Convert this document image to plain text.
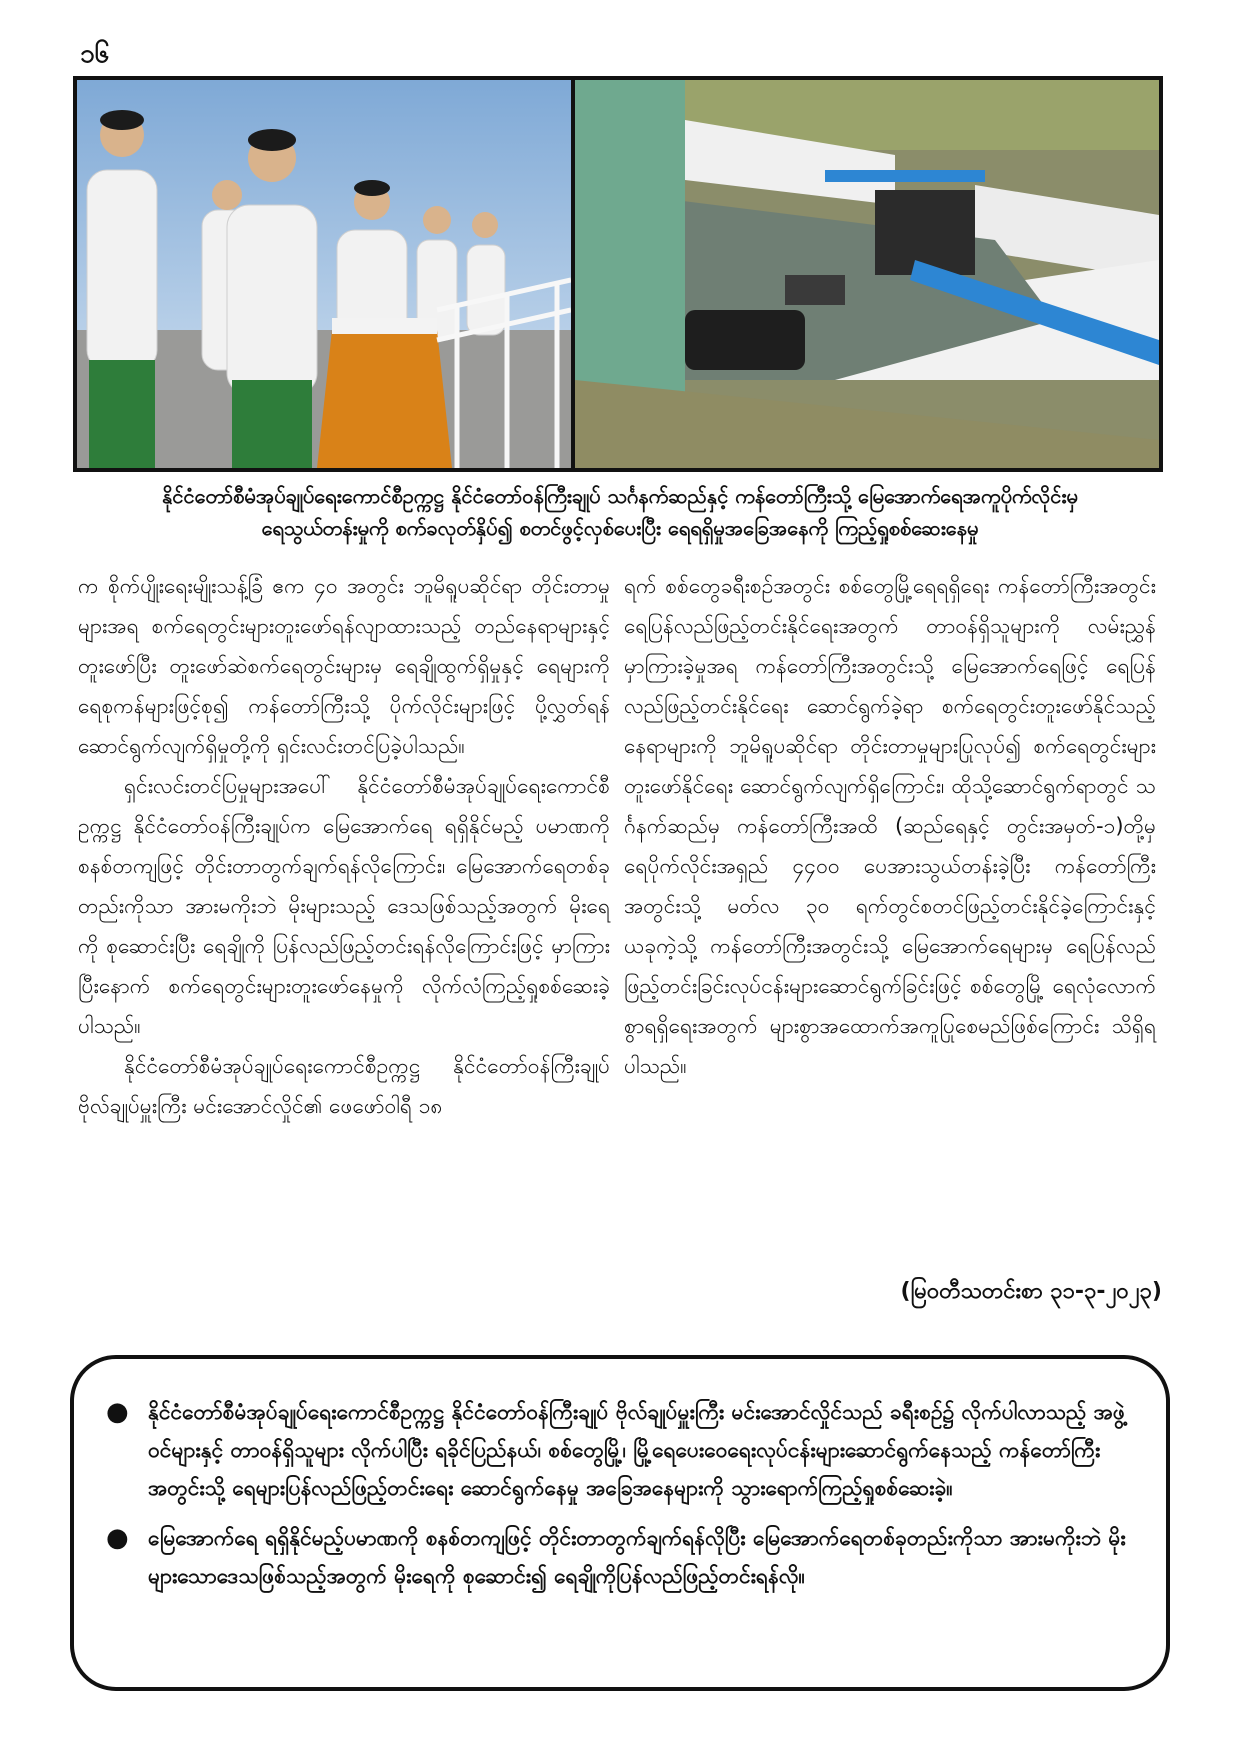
၁၆
နိုင်ငံတော်စီမံအုပ်ချုပ်ရေးကောင်စီဥက္ကဋ္ဌ နိုင်ငံတော်ဝန်ကြီးချုပ် သင်္ဂနက်ဆည်နှင့် ကန်တော်ကြီးသို့ မြေအောက်ရေအကူပိုက်လိုင်းမှ
ရေသွယ်တန်းမှုကို စက်ခလုတ်နှိပ်၍ စတင်ဖွင့်လှစ်ပေးပြီး ရေရရှိမှုအခြေအနေကို ကြည့်ရှုစစ်ဆေးနေမှု

က စိုက်ပျိုးရေးမျိုးသန့်ခြံ ဧက ၄၀ အတွင်း ဘူမိရူပဆိုင်ရာ တိုင်းတာမှုများအရ စက်ရေတွင်းများတူးဖော်ရန်လျာထားသည့် တည်နေရာများနှင့် တူးဖော်ပြီး တူးဖော်ဆဲစက်ရေတွင်းများမှ ရေချိုထွက်ရှိမှုနှင့် ရေများကိုရေစုကန်များဖြင့်စု၍ ကန်တော်ကြီးသို့ ပိုက်လိုင်းများဖြင့် ပို့လွှတ်ရန် ဆောင်ရွက်လျက်ရှိမှုတို့ကို ရှင်းလင်းတင်ပြခဲ့ပါသည်။

ရှင်းလင်းတင်ပြမှုများအပေါ် နိုင်ငံတော်စီမံအုပ်ချုပ်ရေးကောင်စီဥက္ကဋ္ဌ နိုင်ငံတော်ဝန်ကြီးချုပ်က မြေအောက်ရေ ရရှိနိုင်မည့် ပမာဏကို စနစ်တကျဖြင့် တိုင်းတာတွက်ချက်ရန်လိုကြောင်း၊ မြေအောက်ရေတစ်ခုတည်းကိုသာ အားမကိုးဘဲ မိုးများသည့် ဒေသဖြစ်သည့်အတွက် မိုးရေကို စုဆောင်းပြီး ရေချိုကို ပြန်လည်ဖြည့်တင်းရန်လိုကြောင်းဖြင့် မှာကြားပြီးနောက် စက်ရေတွင်းများတူးဖော်နေမှုကို လိုက်လံကြည့်ရှုစစ်ဆေးခဲ့ပါသည်။

နိုင်ငံတော်စီမံအုပ်ချုပ်ရေးကောင်စီဥက္ကဋ္ဌ နိုင်ငံတော်ဝန်ကြီးချုပ် ဗိုလ်ချုပ်မှူးကြီး မင်းအောင်လှိုင်၏ ဖေဖော်ဝါရီ ၁၈

ရက် စစ်တွေခရီးစဉ်အတွင်း စစ်တွေမြို့ရေရရှိရေး ကန်တော်ကြီးအတွင်း ရေပြန်လည်ဖြည့်တင်းနိုင်ရေးအတွက် တာဝန်ရှိသူများကို လမ်းညွှန်မှာကြားခဲ့မှုအရ ကန်တော်ကြီးအတွင်းသို့ မြေအောက်ရေဖြင့် ရေပြန်လည်ဖြည့်တင်းနိုင်ရေး ဆောင်ရွက်ခဲ့ရာ စက်ရေတွင်းတူးဖော်နိုင်သည့်နေရာများကို ဘူမိရူပဆိုင်ရာ တိုင်းတာမှုများပြုလုပ်၍ စက်ရေတွင်းများတူးဖော်နိုင်ရေး ဆောင်ရွက်လျက်ရှိကြောင်း၊ ထိုသို့ဆောင်ရွက်ရာတွင် သင်္ဂနက်ဆည်မှ ကန်တော်ကြီးအထိ (ဆည်ရေနှင့် တွင်းအမှတ်-၁)တို့မှ ရေပိုက်လိုင်းအရှည် ၄၄၀၀ ပေအားသွယ်တန်းခဲ့ပြီး ကန်တော်ကြီးအတွင်းသို့ မတ်လ ၃၀ ရက်တွင်စတင်ဖြည့်တင်းနိုင်ခဲ့ကြောင်းနှင့် ယခုကဲ့သို့ ကန်တော်ကြီးအတွင်းသို့ မြေအောက်ရေများမှ ရေပြန်လည်ဖြည့်တင်းခြင်းလုပ်ငန်းများဆောင်ရွက်ခြင်းဖြင့် စစ်တွေမြို့ ရေလုံလောက်စွာရရှိရေးအတွက် များစွာအထောက်အကူပြုစေမည်ဖြစ်ကြောင်း သိရှိရပါသည်။

(မြဝတီသတင်းစာ ၃၁-၃-၂၀၂၃)
● နိုင်ငံတော်စီမံအုပ်ချုပ်ရေးကောင်စီဥက္ကဋ္ဌ နိုင်ငံတော်ဝန်ကြီးချုပ် ဗိုလ်ချုပ်မှူးကြီး မင်းအောင်လှိုင်သည် ခရီးစဉ်၌ လိုက်ပါလာသည့် အဖွဲ့ဝင်များနှင့် တာဝန်ရှိသူများ လိုက်ပါပြီး ရခိုင်ပြည်နယ်၊ စစ်တွေမြို့၊ မြို့ရေပေးဝေရေးလုပ်ငန်းများဆောင်ရွက်နေသည့် ကန်တော်ကြီးအတွင်းသို့ ရေများပြန်လည်ဖြည့်တင်းရေး ဆောင်ရွက်နေမှု အခြေအနေများကို သွားရောက်ကြည့်ရှုစစ်ဆေးခဲ့။
● မြေအောက်ရေ ရရှိနိုင်မည့်ပမာဏကို စနစ်တကျဖြင့် တိုင်းတာတွက်ချက်ရန်လိုပြီး မြေအောက်ရေတစ်ခုတည်းကိုသာ အားမကိုးဘဲ မိုးများသောဒေသဖြစ်သည့်အတွက် မိုးရေကို စုဆောင်း၍ ရေချိုကိုပြန်လည်ဖြည့်တင်းရန်လို။
